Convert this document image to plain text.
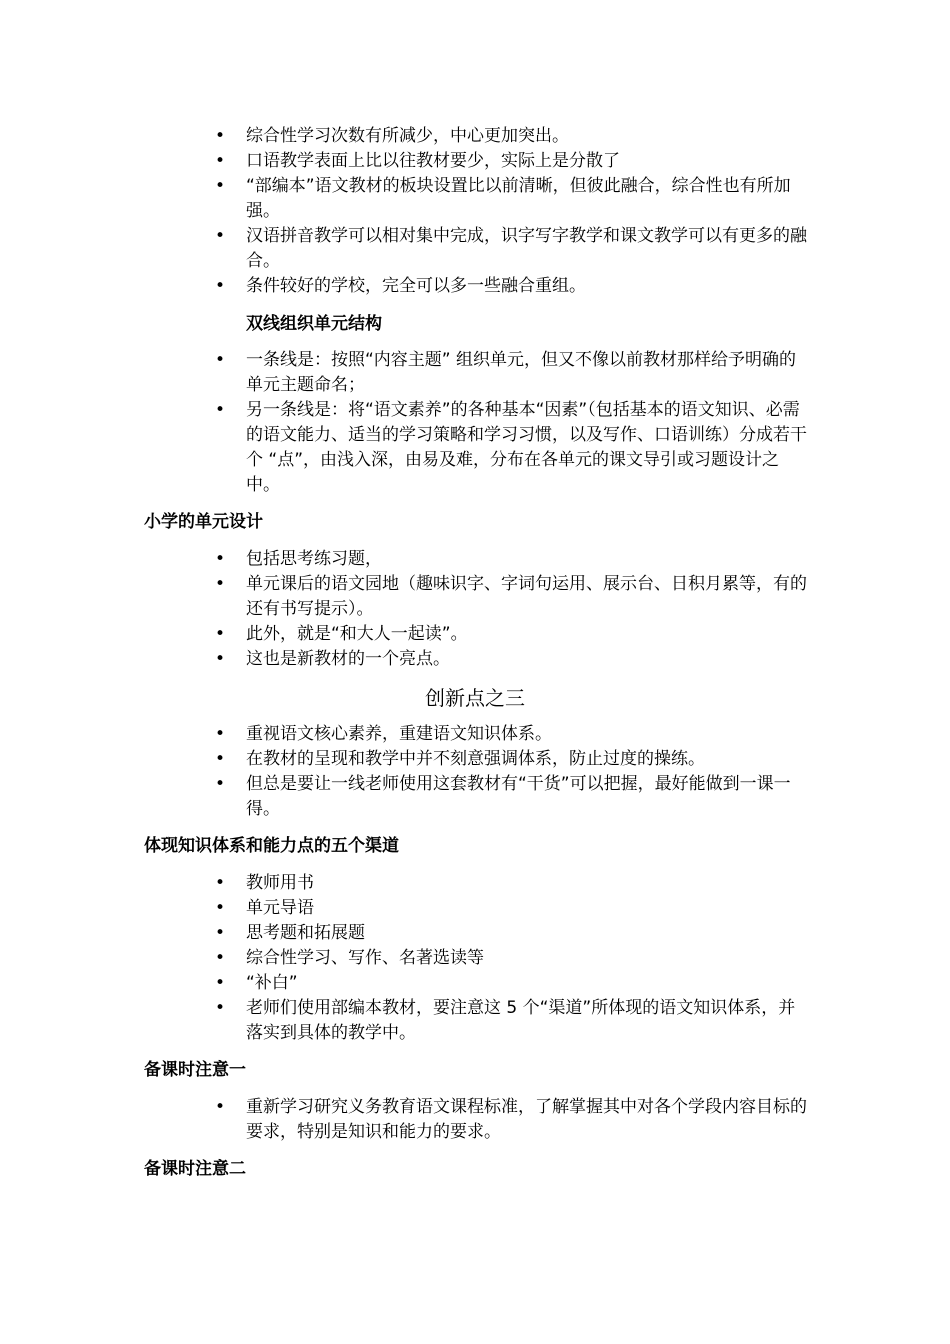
•	综合性学习次数有所减少，中心更加突出。
•	口语教学表面上比以往教材要少，实际上是分散了
•	“部编本”语文教材的板块设置比以前清晰，但彼此融合，综合性也有所加强。
•	汉语拼音教学可以相对集中完成，识字写字教学和课文教学可以有更多的融合。
•	条件较好的学校，完全可以多一些融合重组。
双线组织单元结构
•	一条线是：按照“内容主题” 组织单元，但又不像以前教材那样给予明确的单元主题命名；
•	另一条线是：将“语文素养”的各种基本“因素”（包括基本的语文知识、必需的语文能力、适当的学习策略和学习习惯，以及写作、口语训练）分成若干个 “点”，由浅入深，由易及难，分布在各单元的课文导引或习题设计之中。
小学的单元设计
•	包括思考练习题，
•	单元课后的语文园地（趣味识字、字词句运用、展示台、日积月累等，有的还有书写提示）。
•	此外，就是“和大人一起读”。
•	这也是新教材的一个亮点。
创新点之三
•	重视语文核心素养，重建语文知识体系。
•	在教材的呈现和教学中并不刻意强调体系，防止过度的操练。
•	但总是要让一线老师使用这套教材有“干货”可以把握，最好能做到一课一得。
体现知识体系和能力点的五个渠道
•	教师用书
•	单元导语
•	思考题和拓展题
•	综合性学习、写作、名著选读等
•	“补白”
•	老师们使用部编本教材，要注意这 5 个“渠道”所体现的语文知识体系，并落实到具体的教学中。
备课时注意一
•	重新学习研究义务教育语文课程标准，了解掌握其中对各个学段内容目标的要求，特别是知识和能力的要求。
备课时注意二
